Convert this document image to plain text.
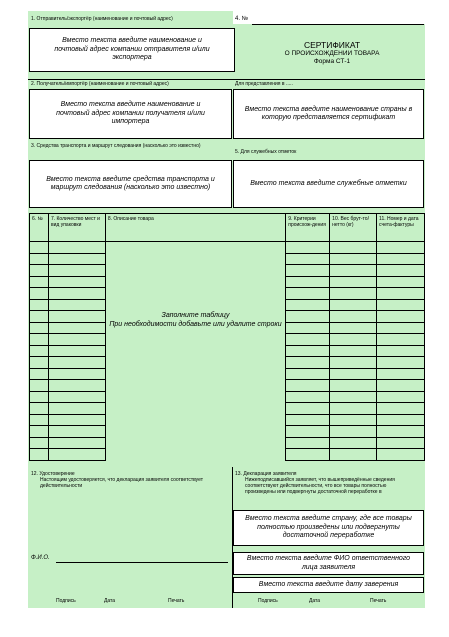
1. Отправитель/экспортёр (наименование и почтовый адрес)	4. №
Вместо текста введите наименование и почтовый адрес компании отправителя и/или экспортера
СЕРТИФИКАТ
О ПРОИСХОЖДЕНИИ ТОВАРА
Форма СТ-1
2. Получатель/импортёр (наименование и почтовый адрес)	Для представления в .....
Вместо текста введите наименование и почтовый адрес компании получателя и/или импортера
Вместо текста введите наименование страны в которую представляется сертификат
3. Средства транспорта и маршрут следования (насколько это известно)
5. Для служебных отметок
Вместо текста введите средства транспорта и маршрут следования (насколько это известно)
Вместо текста введите служебные отметки
6. №	7. Количество мест и вид упаковки	8. Описание товара	9. Критерии происхож-дения	10. Вес брут-то/нетто (кг)	11. Номер и дата счета-фактуры

Заполните таблицу
При необходимости добавьте или удалите строки
12. Удостоверение
Настоящим удостоверяется, что декларация заявителя соответствует действительности
13. Декларация заявителя
Нижеподписавшийся заявляет, что вышеприведённые сведения соответствуют действительности, что все товары полностью произведены или подвергнуты достаточной переработке в
Вместо текста введите страну, где все товары полностью произведены или подвергнуты достаточной переработке
Ф.И.О.	Вместо текста введите ФИО ответственного лица заявителя
Вместо текста введите дату заверения
Подпись	Дата	Печать	Подпись	Дата	Печать
